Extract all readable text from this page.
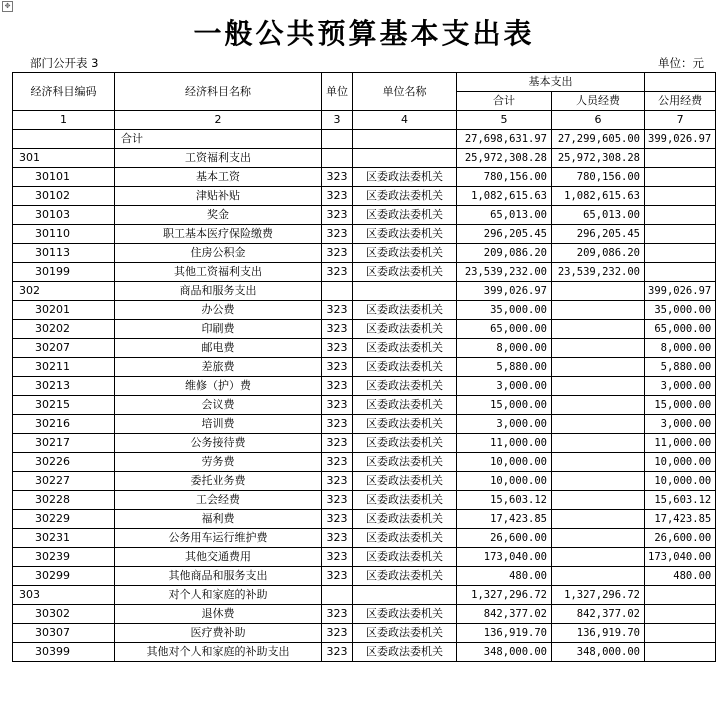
✥
一般公共预算基本支出表
部门公开表 3	单位：元
经济科目编码	经济科目名称	单位	单位名称	基本支出		
				合计	人员经费	公用经费
1	2	3	4	5	6	7
	合计			27,698,631.97	27,299,605.00	399,026.97
301	工资福利支出			25,972,308.28	25,972,308.28	
30101	基本工资	323	区委政法委机关	780,156.00	780,156.00	
30102	津贴补贴	323	区委政法委机关	1,082,615.63	1,082,615.63	
30103	奖金	323	区委政法委机关	65,013.00	65,013.00	
30110	职工基本医疗保险缴费	323	区委政法委机关	296,205.45	296,205.45	
30113	住房公积金	323	区委政法委机关	209,086.20	209,086.20	
30199	其他工资福利支出	323	区委政法委机关	23,539,232.00	23,539,232.00	
302	商品和服务支出			399,026.97		399,026.97
30201	办公费	323	区委政法委机关	35,000.00		35,000.00
30202	印刷费	323	区委政法委机关	65,000.00		65,000.00
30207	邮电费	323	区委政法委机关	8,000.00		8,000.00
30211	差旅费	323	区委政法委机关	5,880.00		5,880.00
30213	维修（护）费	323	区委政法委机关	3,000.00		3,000.00
30215	会议费	323	区委政法委机关	15,000.00		15,000.00
30216	培训费	323	区委政法委机关	3,000.00		3,000.00
30217	公务接待费	323	区委政法委机关	11,000.00		11,000.00
30226	劳务费	323	区委政法委机关	10,000.00		10,000.00
30227	委托业务费	323	区委政法委机关	10,000.00		10,000.00
30228	工会经费	323	区委政法委机关	15,603.12		15,603.12
30229	福利费	323	区委政法委机关	17,423.85		17,423.85
30231	公务用车运行维护费	323	区委政法委机关	26,600.00		26,600.00
30239	其他交通费用	323	区委政法委机关	173,040.00		173,040.00
30299	其他商品和服务支出	323	区委政法委机关	480.00		480.00
303	对个人和家庭的补助			1,327,296.72	1,327,296.72	
30302	退休费	323	区委政法委机关	842,377.02	842,377.02	
30307	医疗费补助	323	区委政法委机关	136,919.70	136,919.70	
30399	其他对个人和家庭的补助支出	323	区委政法委机关	348,000.00	348,000.00	
